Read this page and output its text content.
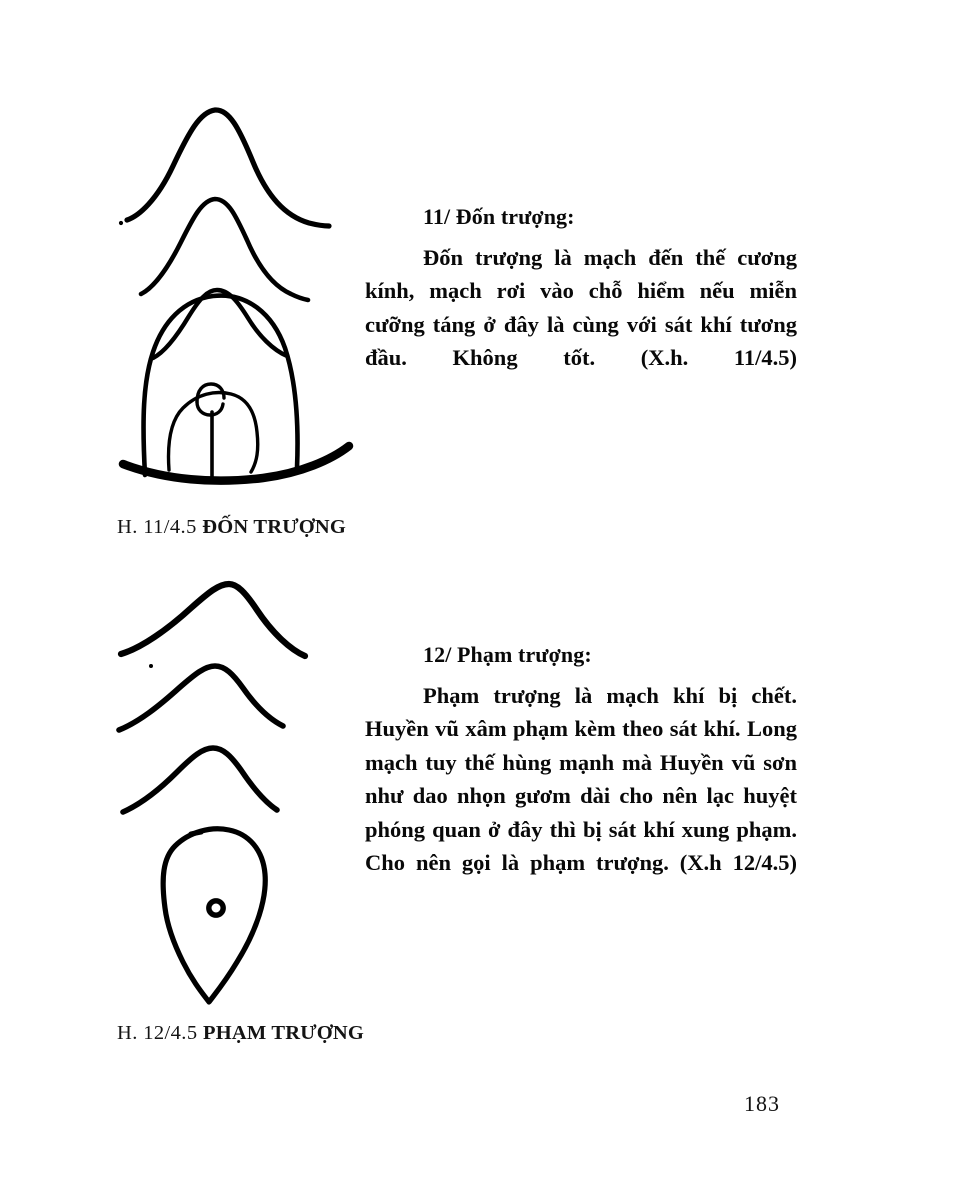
H. 11/4.5 ĐỐN TRƯỢNG
H. 12/4.5 PHẠM TRƯỢNG

11/ Đốn trượng:

Đốn trượng là mạch đến thế cương kính, mạch rơi vào chỗ hiểm nếu miễn cưỡng táng ở đây là cùng với sát khí tương đầu. Không tốt. (X.h. 11/4.5)

12/ Phạm trượng:

Phạm trượng là mạch khí bị chết. Huyền vũ xâm phạm kèm theo sát khí. Long mạch tuy thế hùng mạnh mà Huyền vũ sơn như dao nhọn gươm dài cho nên lạc huyệt phóng quan ở đây thì bị sát khí xung phạm. Cho nên gọi là phạm trượng. (X.h 12/4.5)

183
